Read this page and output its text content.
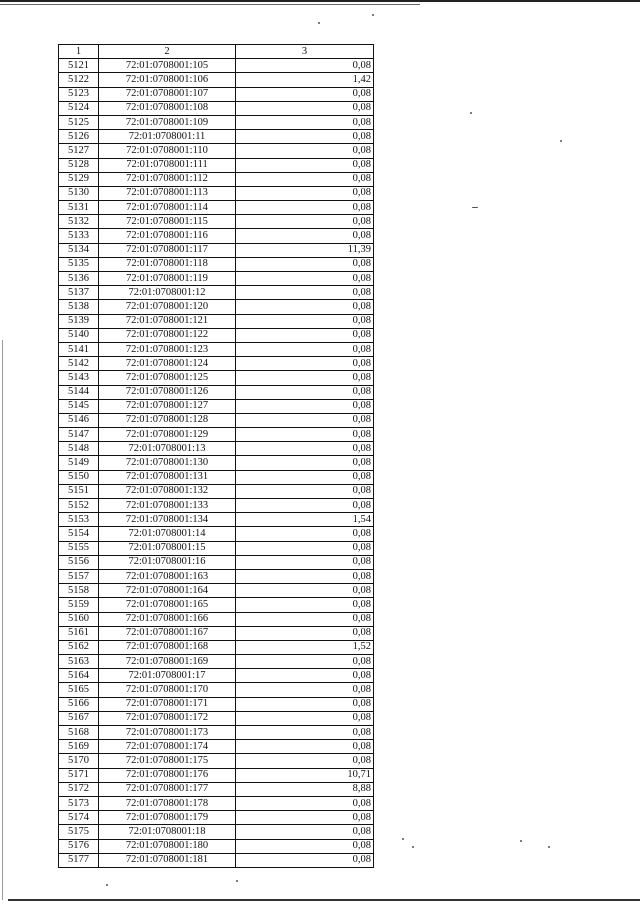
1	2	3
5121	72:01:0708001:105	0,08
5122	72:01:0708001:106	1,42
5123	72:01:0708001:107	0,08
5124	72:01:0708001:108	0,08
5125	72:01:0708001:109	0,08
5126	72:01:0708001:11	0,08
5127	72:01:0708001:110	0,08
5128	72:01:0708001:111	0,08
5129	72:01:0708001:112	0,08
5130	72:01:0708001:113	0,08
5131	72:01:0708001:114	0,08
5132	72:01:0708001:115	0,08
5133	72:01:0708001:116	0,08
5134	72:01:0708001:117	11,39
5135	72:01:0708001:118	0,08
5136	72:01:0708001:119	0,08
5137	72:01:0708001:12	0,08
5138	72:01:0708001:120	0,08
5139	72:01:0708001:121	0,08
5140	72:01:0708001:122	0,08
5141	72:01:0708001:123	0,08
5142	72:01:0708001:124	0,08
5143	72:01:0708001:125	0,08
5144	72:01:0708001:126	0,08
5145	72:01:0708001:127	0,08
5146	72:01:0708001:128	0,08
5147	72:01:0708001:129	0,08
5148	72:01:0708001:13	0,08
5149	72:01:0708001:130	0,08
5150	72:01:0708001:131	0,08
5151	72:01:0708001:132	0,08
5152	72:01:0708001:133	0,08
5153	72:01:0708001:134	1,54
5154	72:01:0708001:14	0,08
5155	72:01:0708001:15	0,08
5156	72:01:0708001:16	0,08
5157	72:01:0708001:163	0,08
5158	72:01:0708001:164	0,08
5159	72:01:0708001:165	0,08
5160	72:01:0708001:166	0,08
5161	72:01:0708001:167	0,08
5162	72:01:0708001:168	1,52
5163	72:01:0708001:169	0,08
5164	72:01:0708001:17	0,08
5165	72:01:0708001:170	0,08
5166	72:01:0708001:171	0,08
5167	72:01:0708001:172	0,08
5168	72:01:0708001:173	0,08
5169	72:01:0708001:174	0,08
5170	72:01:0708001:175	0,08
5171	72:01:0708001:176	10,71
5172	72:01:0708001:177	8,88
5173	72:01:0708001:178	0,08
5174	72:01:0708001:179	0,08
5175	72:01:0708001:18	0,08
5176	72:01:0708001:180	0,08
5177	72:01:0708001:181	0,08
